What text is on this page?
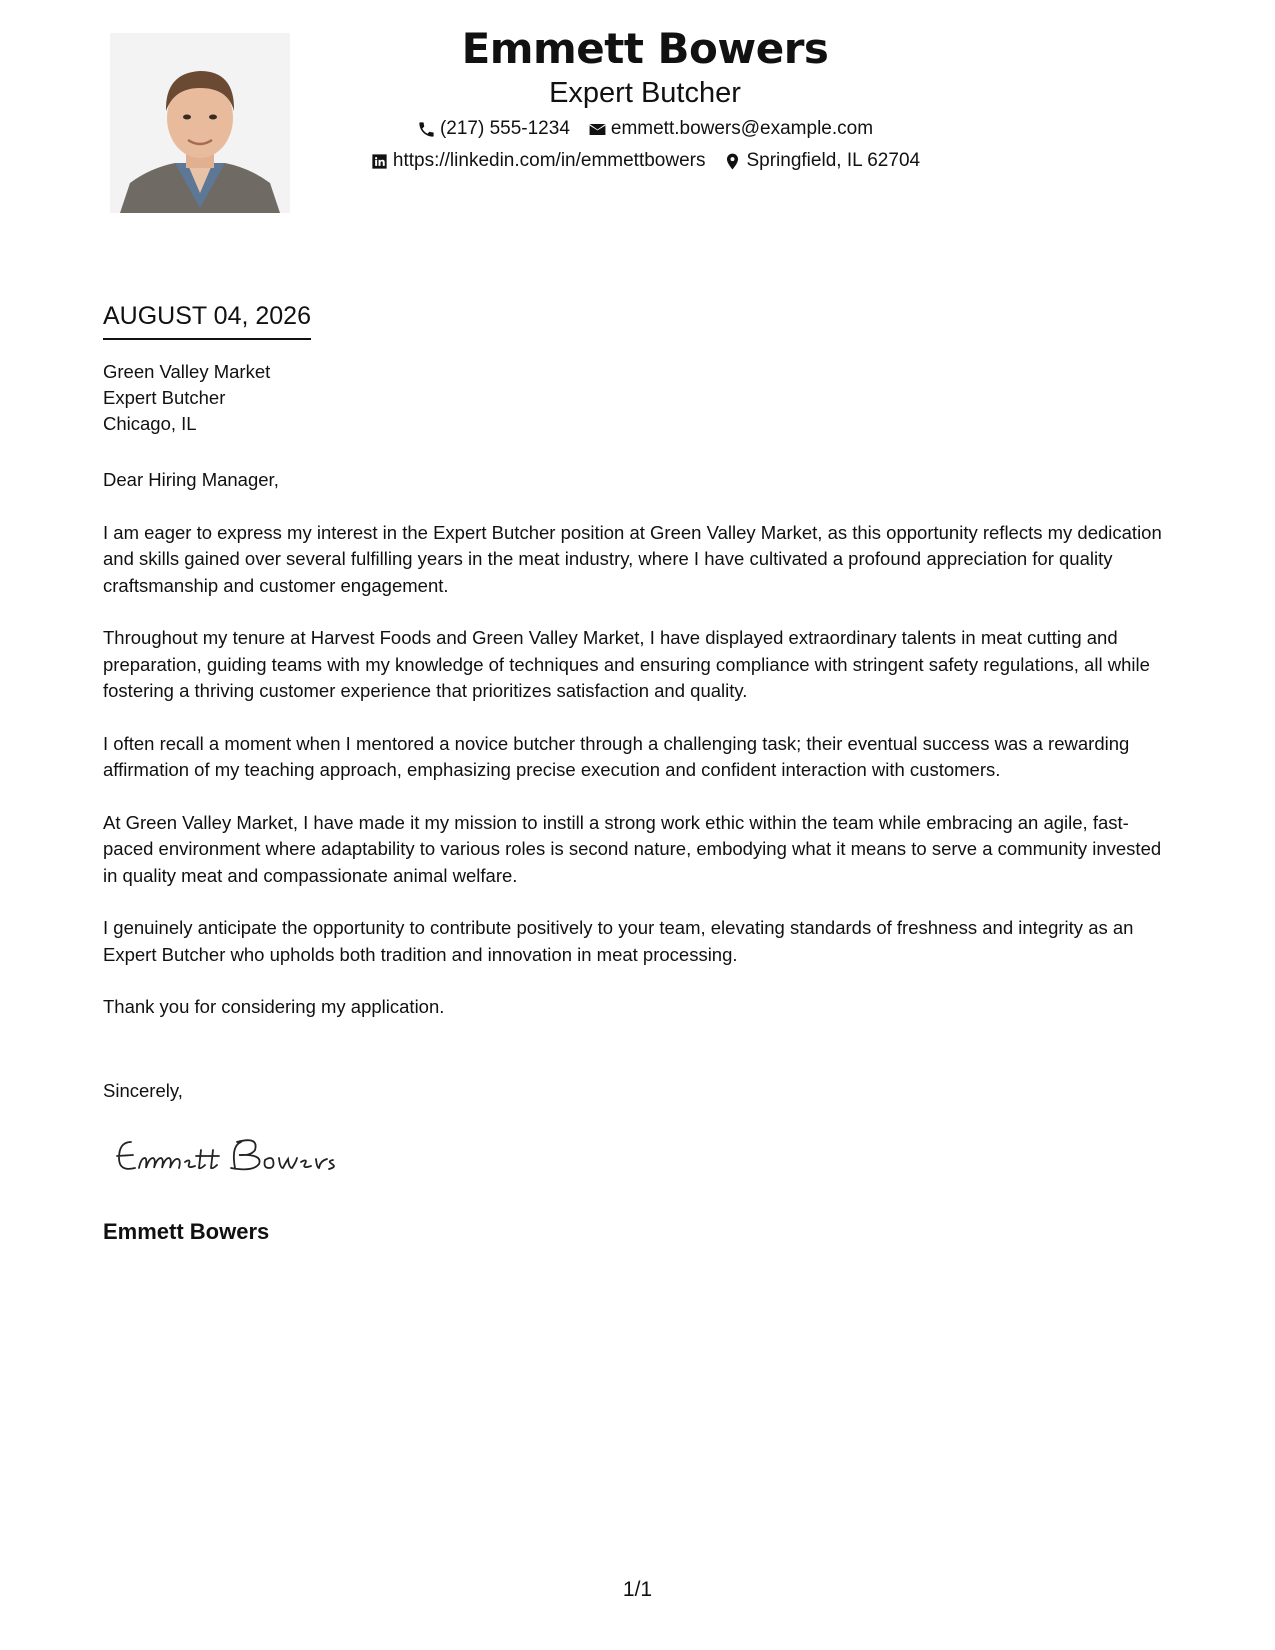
Emmett Bowers
Expert Butcher
(217) 555-1234 emmett.bowers@example.com
https://linkedin.com/in/emmettbowers Springfield, IL 62704
AUGUST 04, 2026
Green Valley Market
Expert Butcher
Chicago, IL
Dear Hiring Manager,

I am eager to express my interest in the Expert Butcher position at Green Valley Market, as this opportunity reflects my dedication and skills gained over several fulfilling years in the meat industry, where I have cultivated a profound appreciation for quality craftsmanship and customer engagement.

Throughout my tenure at Harvest Foods and Green Valley Market, I have displayed extraordinary talents in meat cutting and preparation, guiding teams with my knowledge of techniques and ensuring compliance with stringent safety regulations, all while fostering a thriving customer experience that prioritizes satisfaction and quality.

I often recall a moment when I mentored a novice butcher through a challenging task; their eventual success was a rewarding affirmation of my teaching approach, emphasizing precise execution and confident interaction with customers.

At Green Valley Market, I have made it my mission to instill a strong work ethic within the team while embracing an agile, fast-paced environment where adaptability to various roles is second nature, embodying what it means to serve a community invested in quality meat and compassionate animal welfare.

I genuinely anticipate the opportunity to contribute positively to your team, elevating standards of freshness and integrity as an Expert Butcher who upholds both tradition and innovation in meat processing.

Thank you for considering my application.

Sincerely,
Emmett Bowers
1/1
